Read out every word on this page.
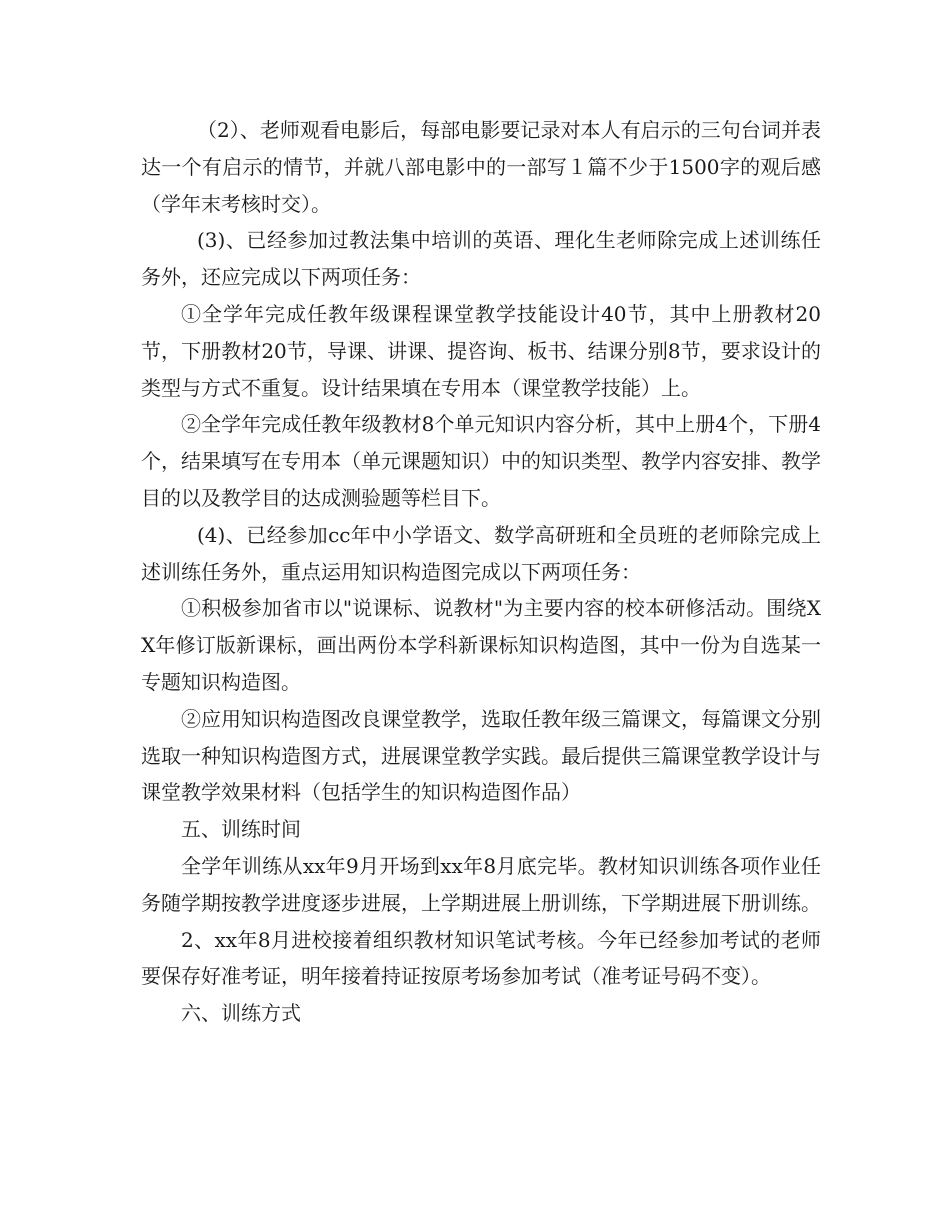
（2）、老师观看电影后，每部电影要记录对本人有启示的三句台词并表达一个有启示的情节，并就八部电影中的一部写１篇不少于1500字的观后感（学年末考核时交）。

(3)、已经参加过教法集中培训的英语、理化生老师除完成上述训练任务外，还应完成以下两项任务：

①全学年完成任教年级课程课堂教学技能设计40节，其中上册教材20节，下册教材20节，导课、讲课、提咨询、板书、结课分别8节，要求设计的类型与方式不重复。设计结果填在专用本（课堂教学技能）上。

②全学年完成任教年级教材8个单元知识内容分析，其中上册4个，下册4个，结果填写在专用本（单元课题知识）中的知识类型、教学内容安排、教学目的以及教学目的达成测验题等栏目下。

(4)、已经参加cc年中小学语文、数学高研班和全员班的老师除完成上述训练任务外，重点运用知识构造图完成以下两项任务：

①积极参加省市以"说课标、说教材"为主要内容的校本研修活动。围绕XX年修订版新课标，画出两份本学科新课标知识构造图，其中一份为自选某一专题知识构造图。

②应用知识构造图改良课堂教学，选取任教年级三篇课文，每篇课文分别选取一种知识构造图方式，进展课堂教学实践。最后提供三篇课堂教学设计与课堂教学效果材料（包括学生的知识构造图作品）

五、训练时间

全学年训练从xx年9月开场到xx年8月底完毕。教材知识训练各项作业任务随学期按教学进度逐步进展，上学期进展上册训练，下学期进展下册训练。

2、xx年8月进校接着组织教材知识笔试考核。今年已经参加考试的老师要保存好准考证，明年接着持证按原考场参加考试（准考证号码不变）。

六、训练方式
